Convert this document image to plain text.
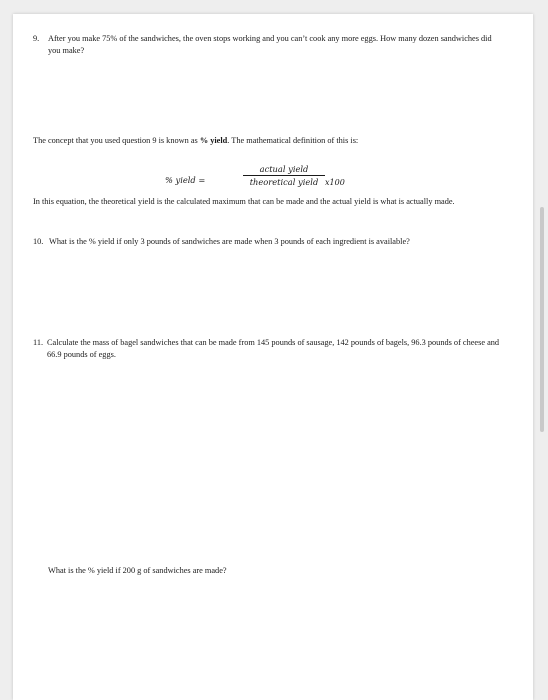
9.	After you make 75% of the sandwiches, the oven stops working and you can’t cook any more eggs. How many dozen sandwiches did you make?

The concept that you used question 9 is known as % yield. The mathematical definition of this is:

% yield =
actual yield
theoretical yield x100

In this equation, the theoretical yield is the calculated maximum that can be made and the actual yield is what is actually made.

10. What is the % yield if only 3 pounds of sandwiches are made when 3 pounds of each ingredient is available?
11. Calculate the mass of bagel sandwiches that can be made from 145 pounds of sausage, 142 pounds of bagels, 96.3 pounds of cheese and 66.9 pounds of eggs.

What is the % yield if 200 g of sandwiches are made?
